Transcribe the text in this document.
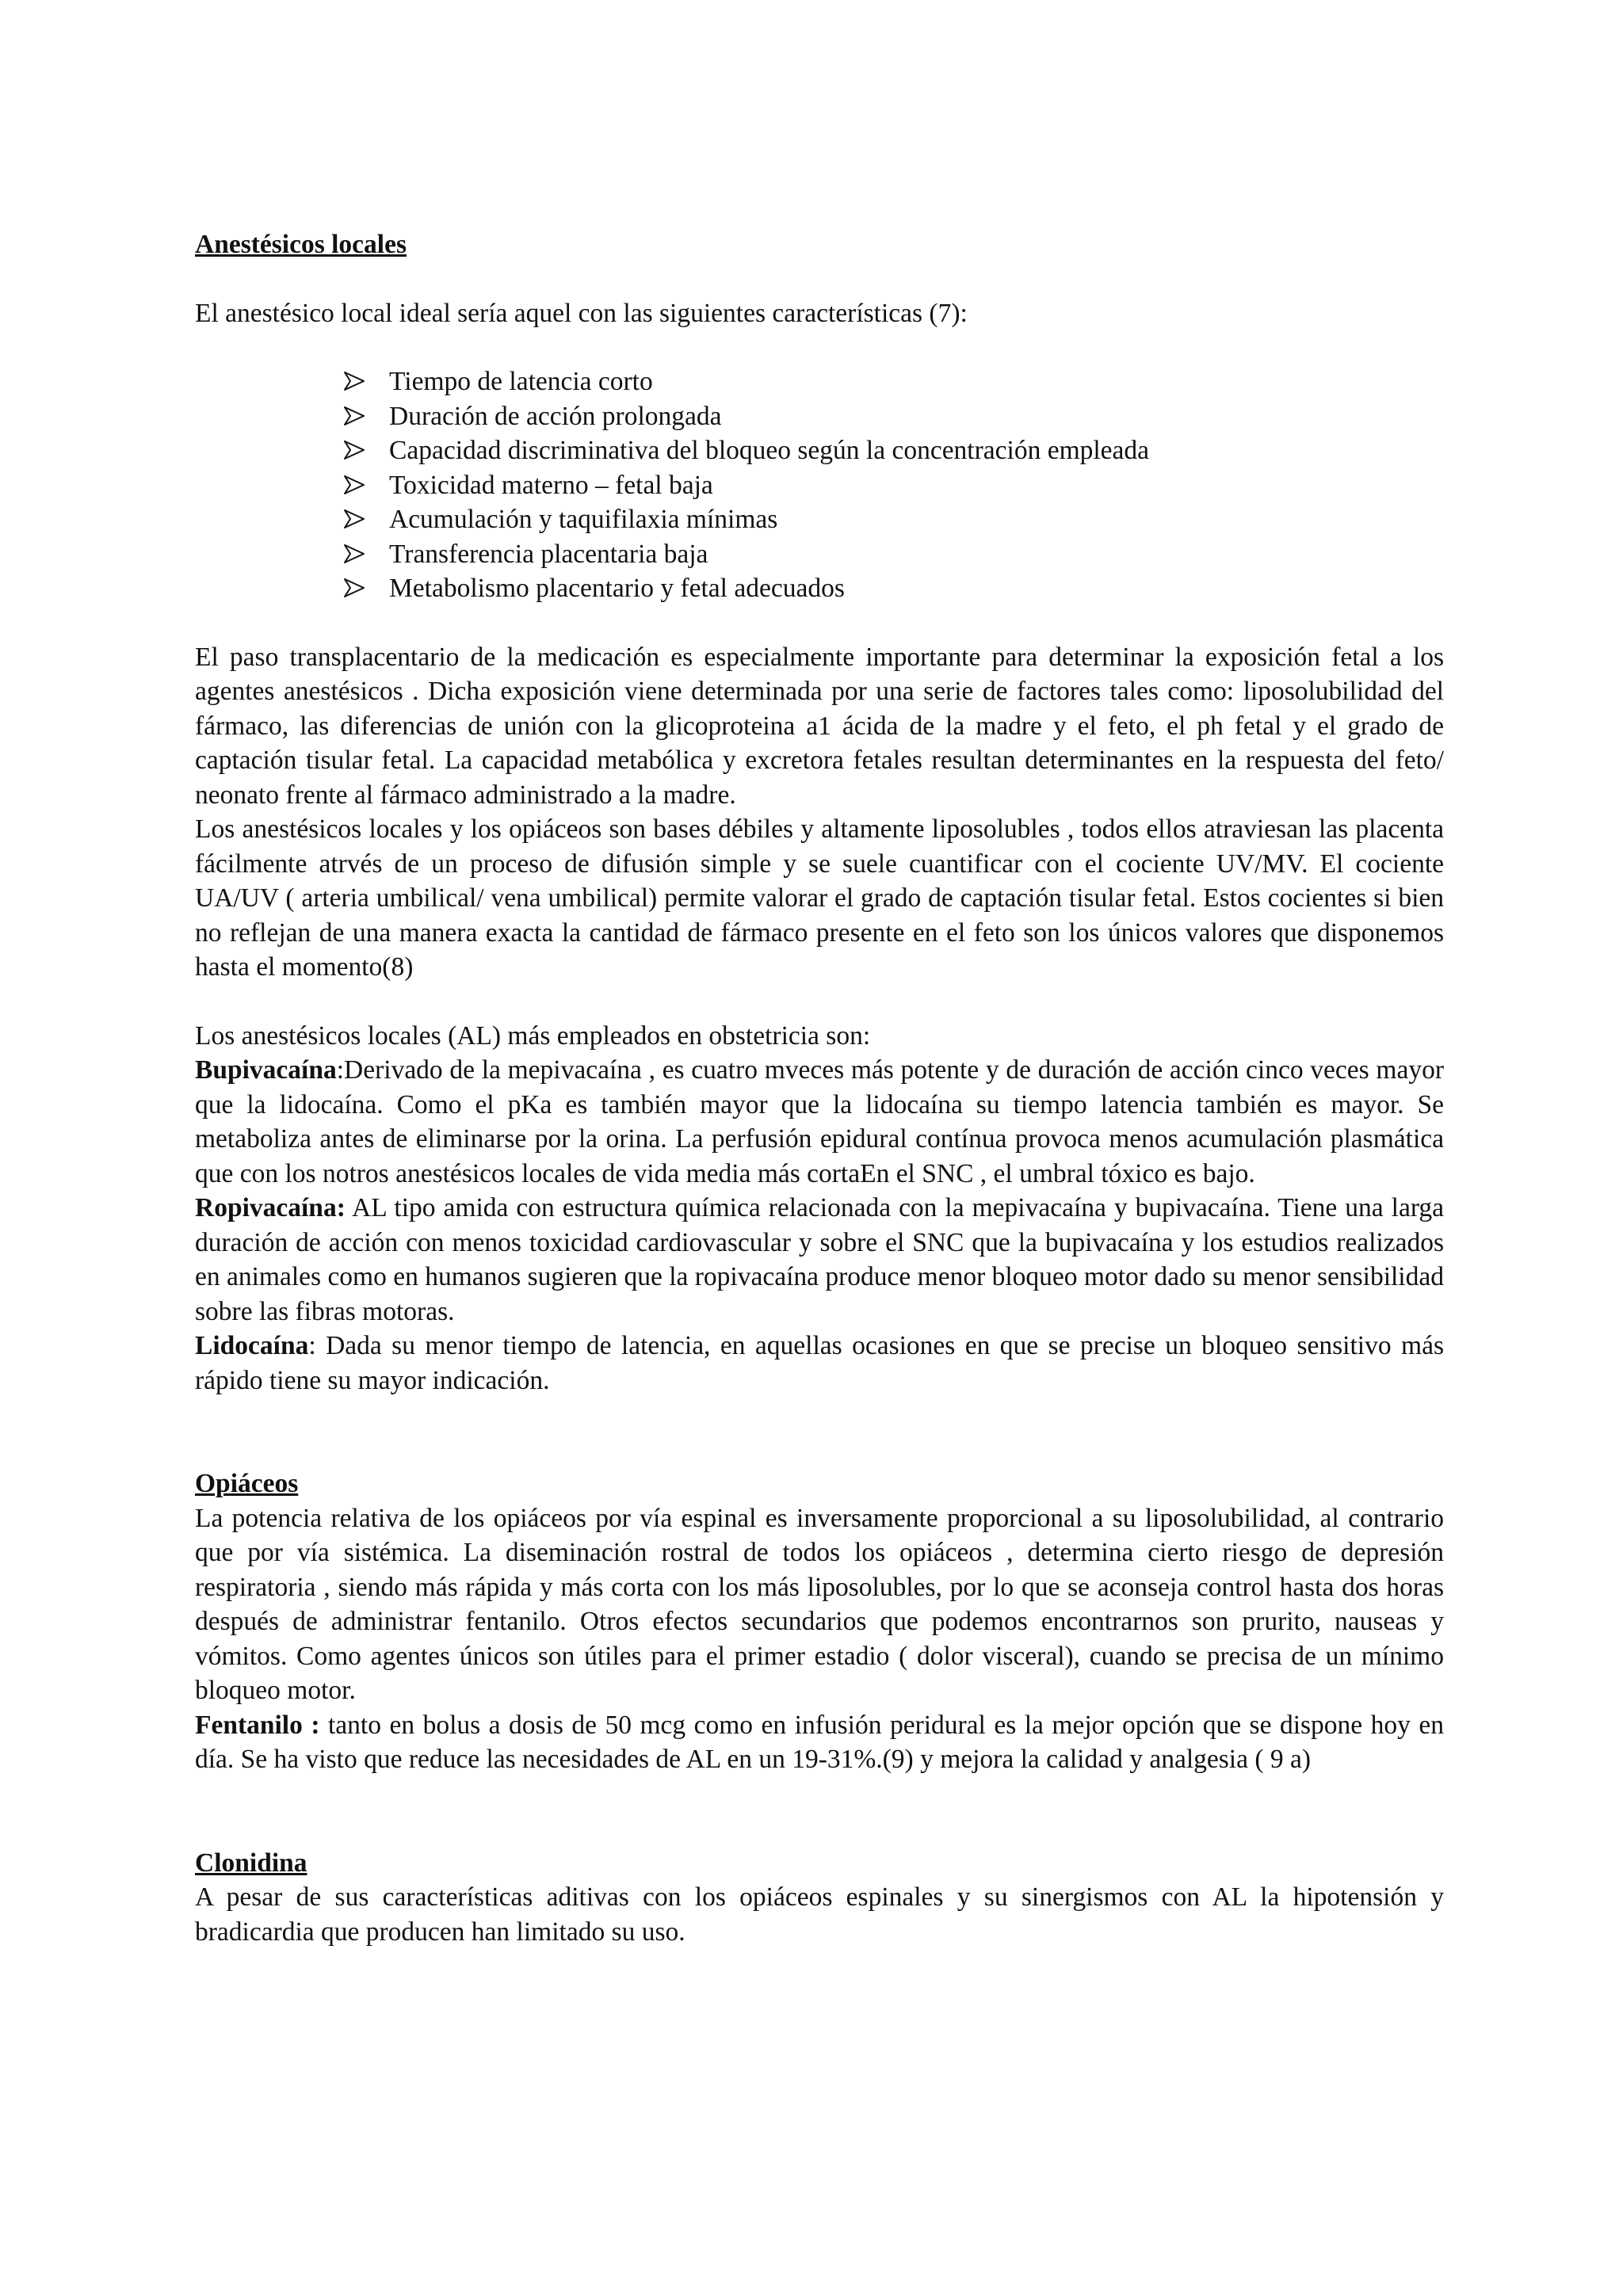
Anestésicos locales

El anestésico local ideal sería aquel con las siguientes características (7):

Tiempo de latencia corto
Duración de acción prolongada
Capacidad discriminativa del bloqueo según la concentración empleada
Toxicidad materno – fetal baja
Acumulación y taquifilaxia mínimas
Transferencia placentaria baja
Metabolismo placentario y fetal adecuados

El paso transplacentario de la medicación es especialmente importante para determinar la exposición fetal a los agentes anestésicos . Dicha exposición viene determinada por una serie de factores tales como: liposolubilidad del fármaco, las diferencias de unión con la glicoproteina a1 ácida de la madre y el feto, el ph fetal y el grado de captación tisular fetal. La capacidad metabólica y excretora fetales resultan determinantes en la respuesta del feto/ neonato frente al fármaco administrado a la madre.

Los anestésicos locales y los opiáceos son bases débiles y altamente liposolubles , todos ellos atraviesan las placenta fácilmente atrvés de un proceso de difusión simple y se suele cuantificar con el cociente UV/MV. El cociente UA/UV ( arteria umbilical/ vena umbilical) permite valorar el grado de captación tisular fetal. Estos cocientes si bien no reflejan de una manera exacta la cantidad de fármaco presente en el feto son los únicos valores que disponemos hasta el momento(8)

Los anestésicos locales (AL) más empleados en obstetricia son:

Bupivacaína:Derivado de la mepivacaína , es cuatro mveces más potente y de duración de acción cinco veces mayor que la lidocaína. Como el pKa es también mayor que la lidocaína su tiempo latencia también es mayor. Se metaboliza antes de eliminarse por la orina. La perfusión epidural contínua provoca menos acumulación plasmática que con los notros anestésicos locales de vida media más cortaEn el SNC , el umbral tóxico es bajo.

Ropivacaína: AL tipo amida con estructura química relacionada con la mepivacaína y bupivacaína. Tiene una larga duración de acción con menos toxicidad cardiovascular y sobre el SNC que la bupivacaína y los estudios realizados en animales como en humanos sugieren que la ropivacaína produce menor bloqueo motor dado su menor sensibilidad sobre las fibras motoras.

Lidocaína: Dada su menor tiempo de latencia, en aquellas ocasiones en que se precise un bloqueo sensitivo más rápido tiene su mayor indicación.

Opiáceos

La potencia relativa de los opiáceos por vía espinal es inversamente proporcional a su liposolubilidad, al contrario que por vía sistémica. La diseminación rostral de todos los opiáceos , determina cierto riesgo de depresión respiratoria , siendo más rápida y más corta con los más liposolubles, por lo que se aconseja control hasta dos horas después de administrar fentanilo. Otros efectos secundarios que podemos encontrarnos son prurito, nauseas y vómitos. Como agentes únicos son útiles para el primer estadio ( dolor visceral), cuando se precisa de un mínimo bloqueo motor.

Fentanilo : tanto en bolus a dosis de 50 mcg como en infusión peridural es la mejor opción que se dispone hoy en día. Se ha visto que reduce las necesidades de AL en un 19-31%.(9) y mejora la calidad y analgesia ( 9 a)

Clonidina

A pesar de sus características aditivas con los opiáceos espinales y su sinergismos con AL la hipotensión y bradicardia que producen han limitado su uso.
